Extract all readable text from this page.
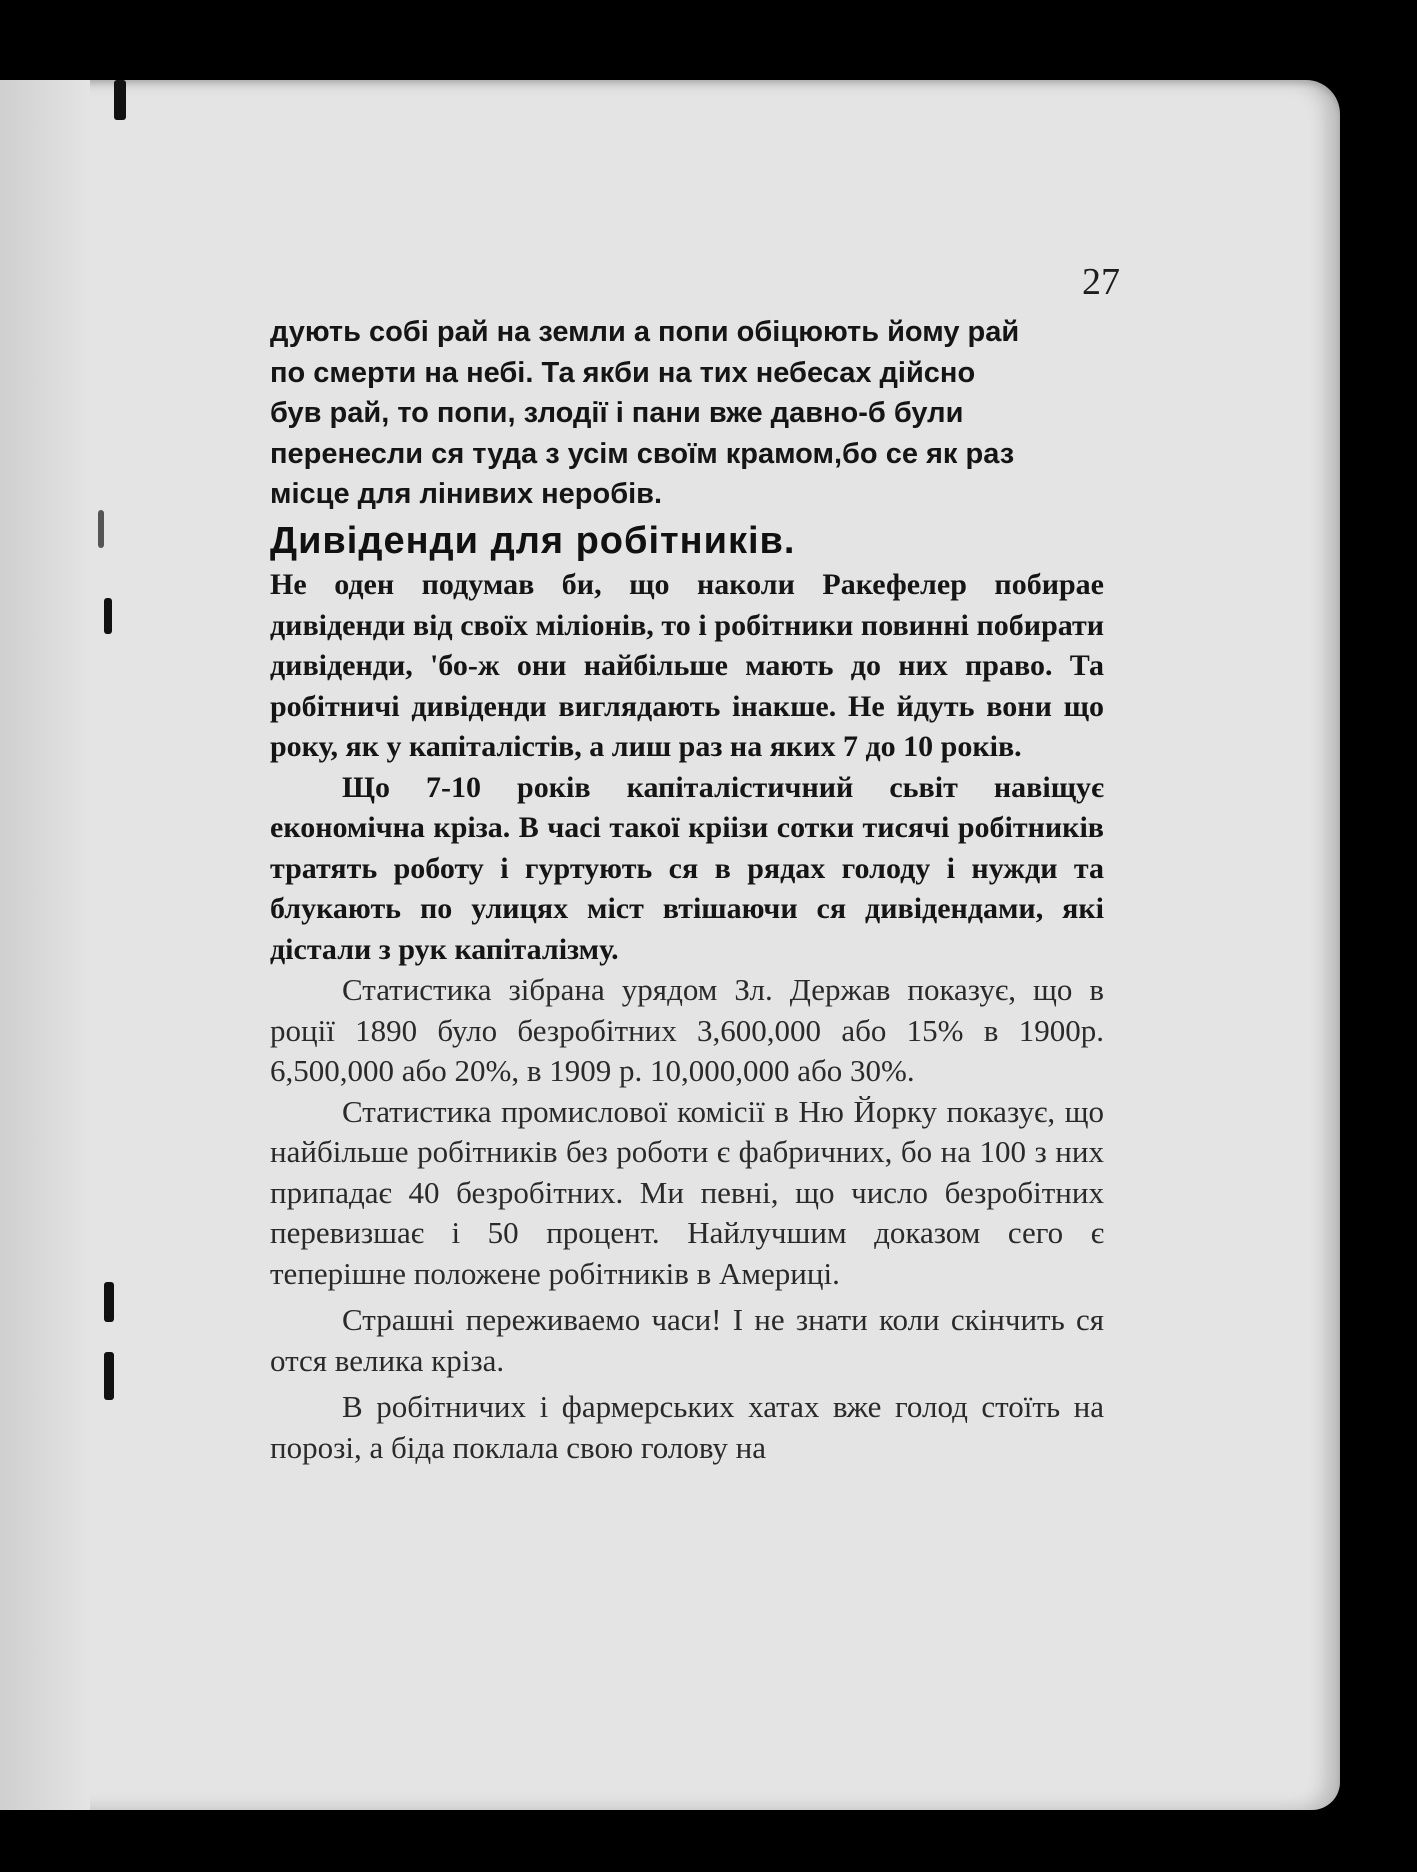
27

дують собі рай на земли а попи обіцюють йому рай
по смерти на небі. Та якби на тих небесах дійсно
був рай, то попи, злодії і пани вже давно-б були
перенесли ся туда з усім своїм крамом,бо се як раз
місце для лінивих неробів.

Дивіденди для робітників.

Не оден подумав би, що наколи Ракефелер побирае дивіденди від своїх міліонів, то і робітники повинні побирати дивіденди, 'бо-ж они найбільше мають до них право. Та робітничі дивіденди виглядають інакше. Не йдуть вони що року, як у капіталістів, а лиш раз на яких 7 до 10 років.

Що 7-10 років капіталістичний сьвіт навіщує економічна кріза. В часі такої кріізи сотки тисячі робітників тратять роботу і гуртують ся в рядах голоду і нужди та блукають по улицях міст втішаючи ся дивідендами, які дістали з рук капіталізму.

Статистика зібрана урядом Зл. Держав показує, що в роції 1890 було безробітних 3,600,000 або 15% в 1900р. 6,500,000 або 20%, в 1909 р. 10,000,000 або 30%.

Статистика промислової комісії в Ню Йорку показує, що найбільше робітників без роботи є фабричних, бо на 100 з них припадає 40 безробітних. Ми певні, що число безробітних перевизшає і 50 процент. Найлучшим доказом сего є теперішне положене робітників в Америці.

Страшні переживаемо часи! І не знати коли скінчить ся отся велика кріза.

В робітничих і фармерських хатах вже голод стоїть на порозі, а біда поклала свою голову на
